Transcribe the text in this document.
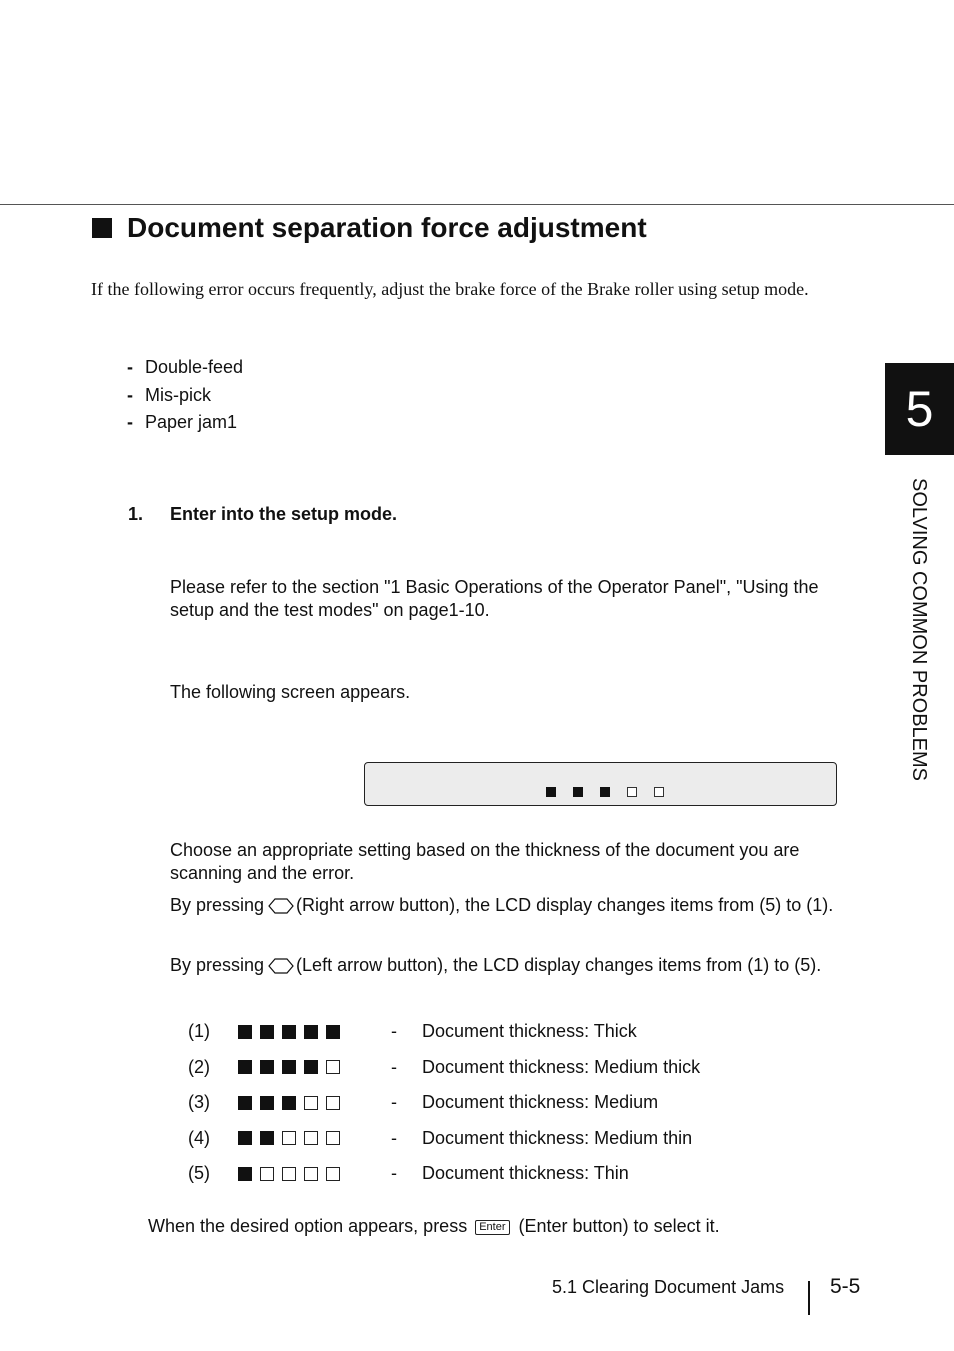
Document separation force adjustment
If the following error occurs frequently, adjust the brake force of the Brake roller using setup mode.
- Double-feed
- Mis-pick
- Paper jam1
1. Enter into the setup mode.
Please refer to the section "1 Basic Operations of the Operator Panel", "Using the setup and the test modes" on page1-10.
The following screen appears.
Choose an appropriate setting based on the thickness of the document you are scanning and the error.
By pressing (Right arrow button), the LCD display changes items from (5) to (1).
By pressing (Left arrow button), the LCD display changes items from (1) to (5).
(1)	-	Document thickness: Thick
(2)	-	Document thickness: Medium thick
(3)	-	Document thickness: Medium
(4)	-	Document thickness: Medium thin
(5)	-	Document thickness: Thin
When the desired option appears, press Enter (Enter button) to select it.
5
SOLVING COMMON PROBLEMS
5.1 Clearing Document Jams 5-5
